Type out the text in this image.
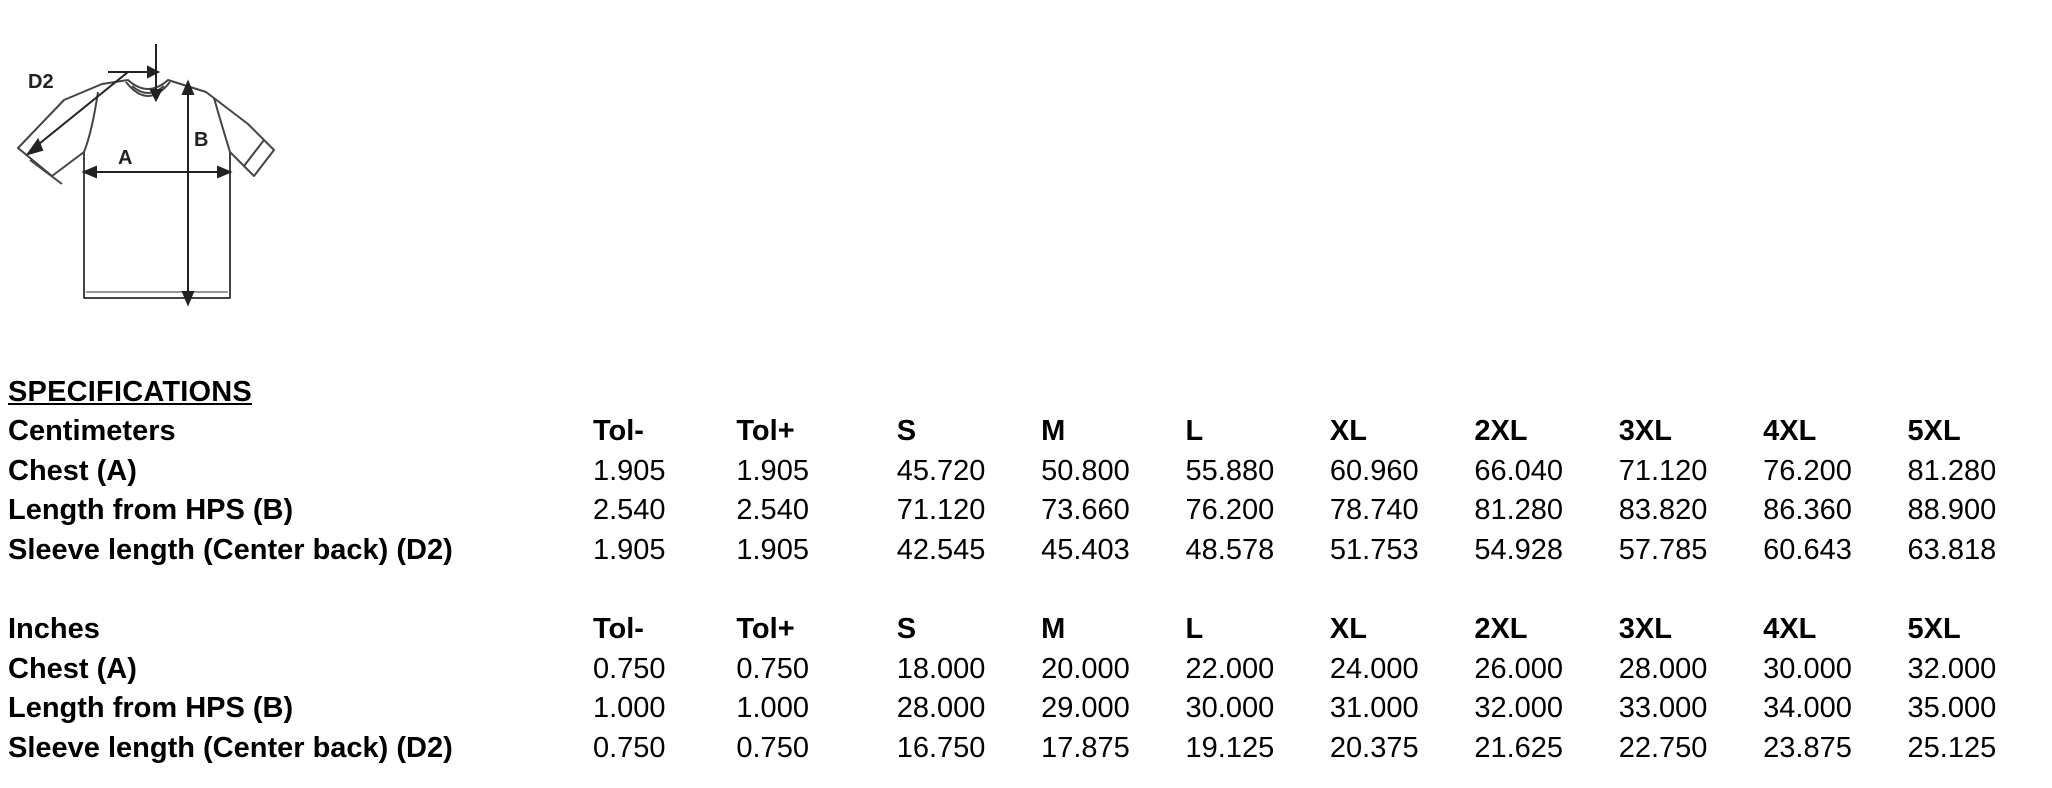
D2
A
B
SPECIFICATIONS
Centimeters	Tol-	Tol+	S	M	L	XL	2XL	3XL	4XL	5XL
Chest (A)	1.905	1.905	45.720	50.800	55.880	60.960	66.040	71.120	76.200	81.280
Length from HPS (B)	2.540	2.540	71.120	73.660	76.200	78.740	81.280	83.820	86.360	88.900
Sleeve length (Center back) (D2)	1.905	1.905	42.545	45.403	48.578	51.753	54.928	57.785	60.643	63.818
Inches	Tol-	Tol+	S	M	L	XL	2XL	3XL	4XL	5XL
Chest (A)	0.750	0.750	18.000	20.000	22.000	24.000	26.000	28.000	30.000	32.000
Length from HPS (B)	1.000	1.000	28.000	29.000	30.000	31.000	32.000	33.000	34.000	35.000
Sleeve length (Center back) (D2)	0.750	0.750	16.750	17.875	19.125	20.375	21.625	22.750	23.875	25.125
